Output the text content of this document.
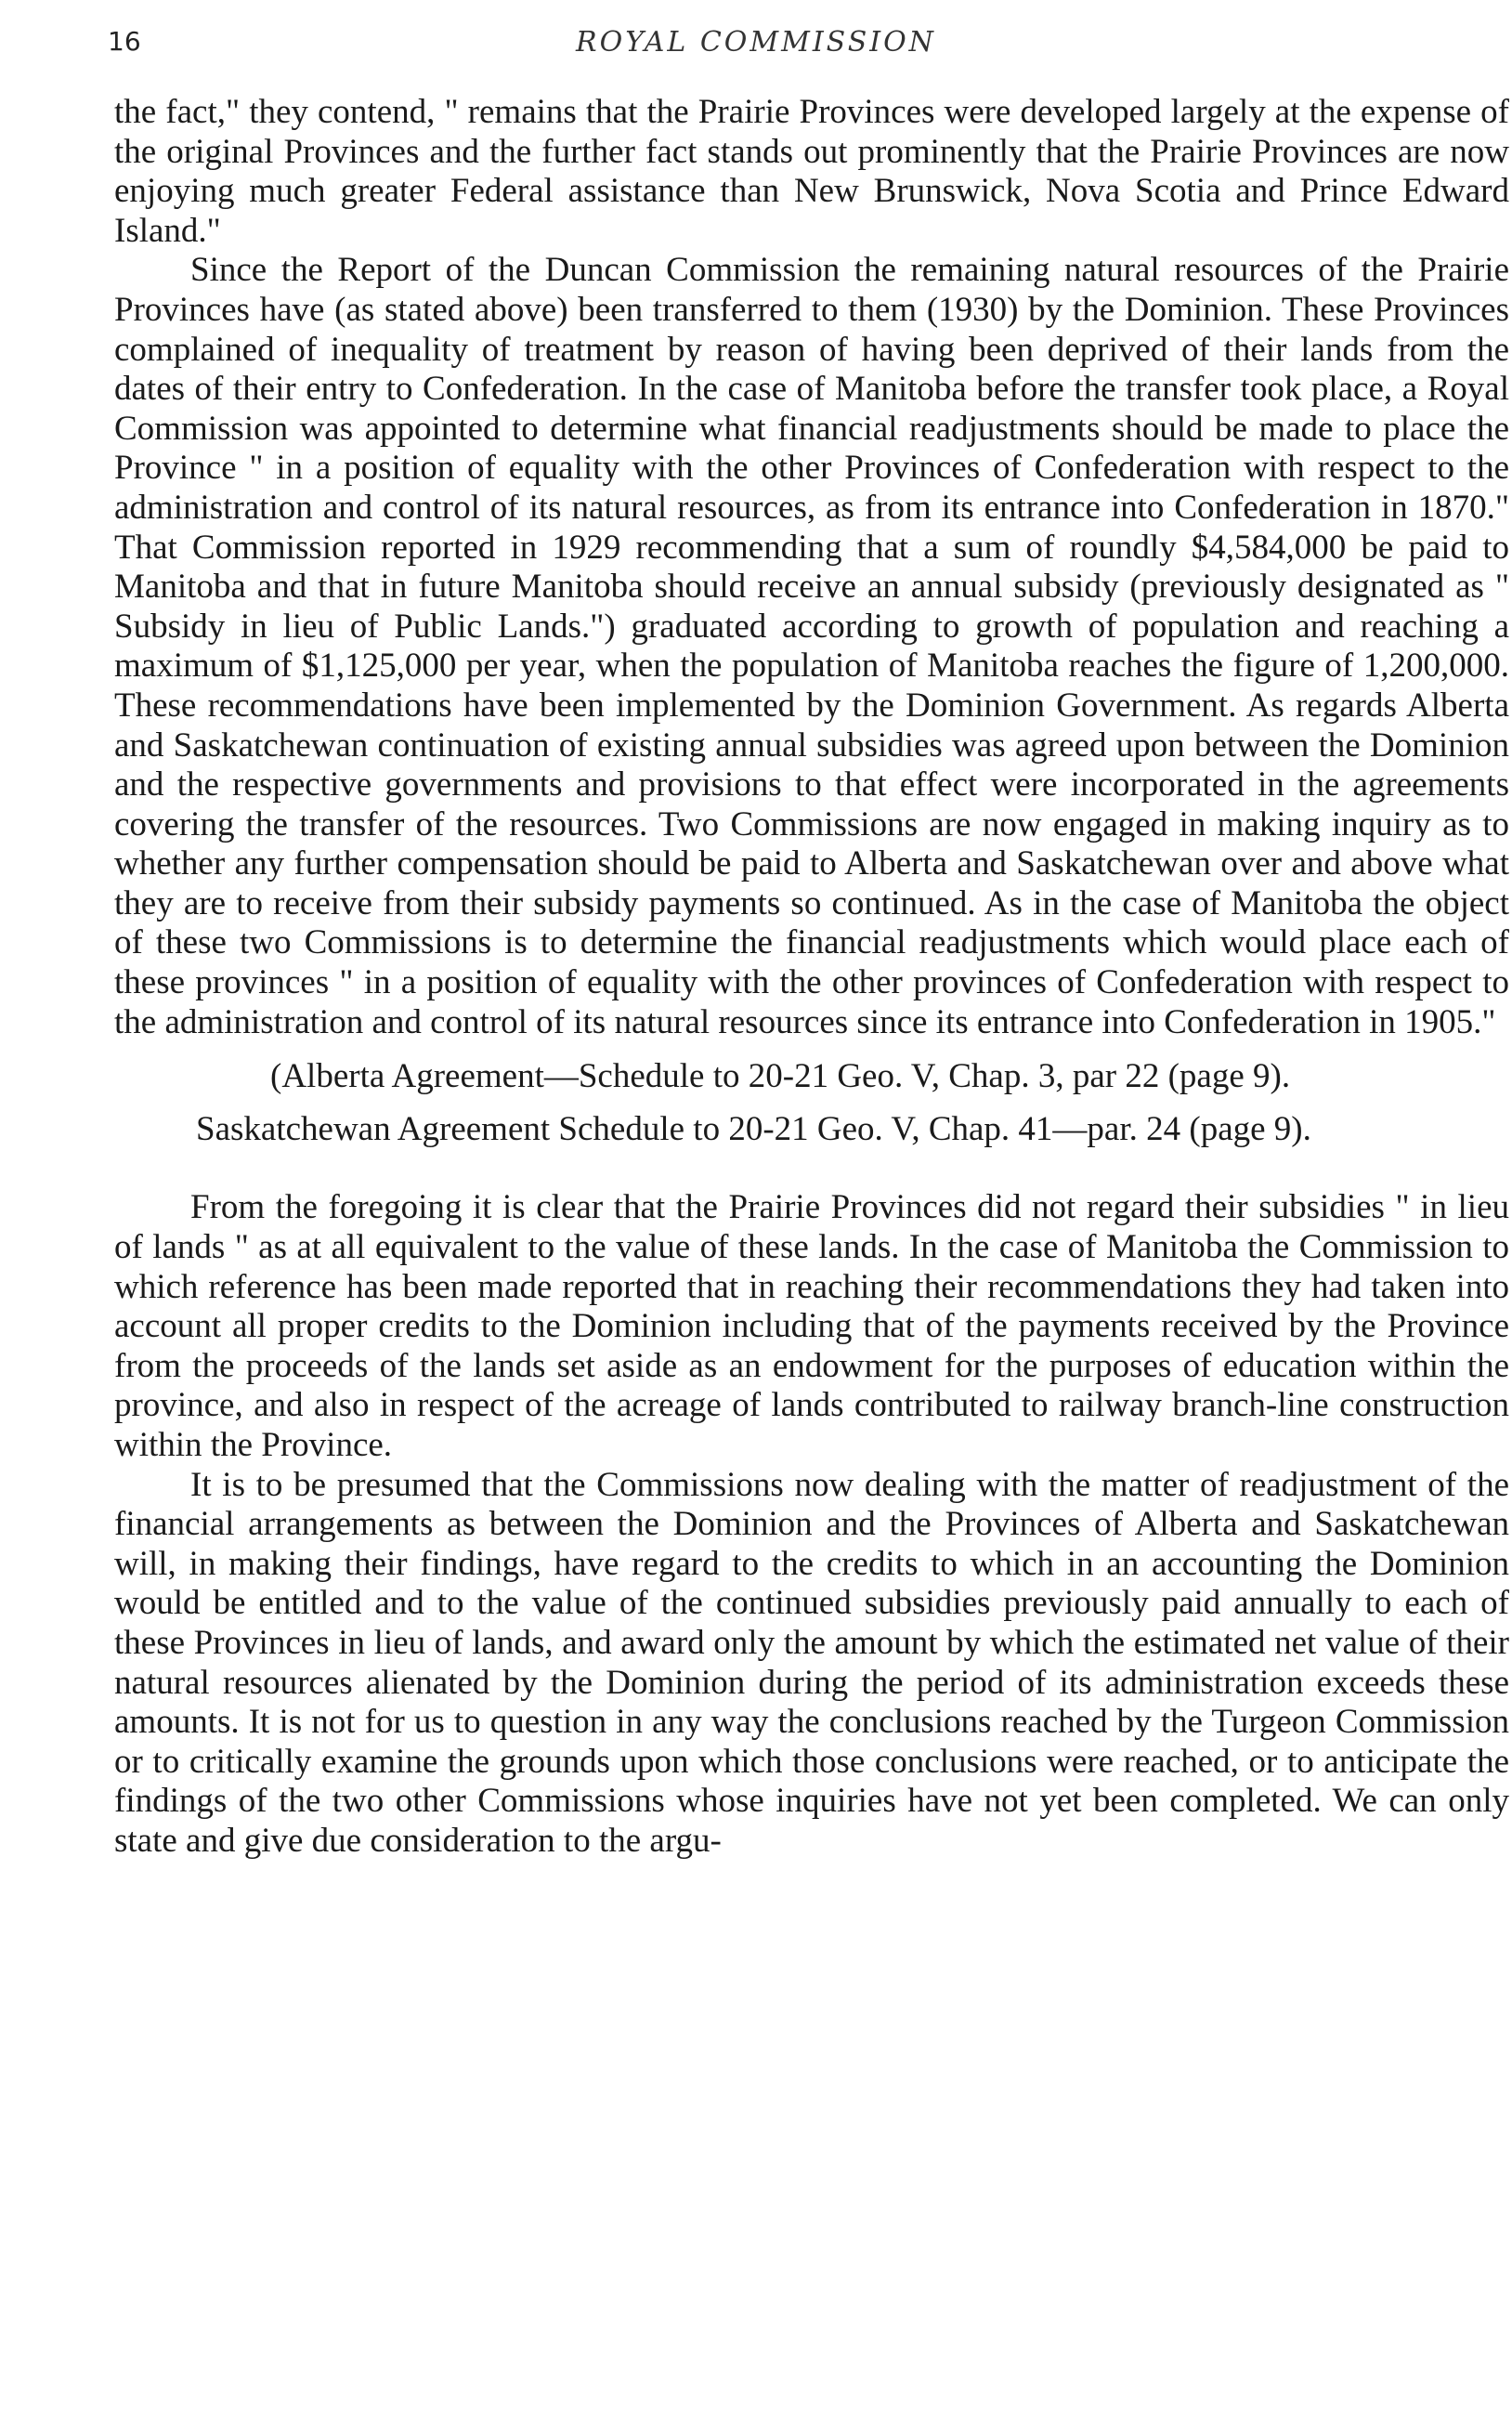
16	ROYAL COMMISSION

the fact," they contend, " remains that the Prairie Provinces were developed largely at the expense of the original Provinces and the further fact stands out prominently that the Prairie Provinces are now enjoying much greater Federal assistance than New Brunswick, Nova Scotia and Prince Edward Island."

Since the Report of the Duncan Commission the remaining natural resources of the Prairie Provinces have (as stated above) been transferred to them (1930) by the Dominion. These Provinces complained of inequality of treatment by reason of having been deprived of their lands from the dates of their entry to Confederation. In the case of Manitoba before the transfer took place, a Royal Commission was appointed to determine what financial readjustments should be made to place the Province " in a position of equality with the other Provinces of Confederation with respect to the administration and control of its natural resources, as from its entrance into Confederation in 1870." That Commission reported in 1929 recommending that a sum of roundly $4,584,000 be paid to Manitoba and that in future Manitoba should receive an annual subsidy (previously designated as " Subsidy in lieu of Public Lands.") graduated according to growth of population and reaching a maximum of $1,125,000 per year, when the population of Manitoba reaches the figure of 1,200,000. These recommendations have been implemented by the Dominion Government. As regards Alberta and Saskatchewan continuation of existing annual subsidies was agreed upon between the Dominion and the respective governments and provisions to that effect were incorporated in the agreements covering the transfer of the resources. Two Commissions are now engaged in making inquiry as to whether any further compensation should be paid to Alberta and Saskatchewan over and above what they are to receive from their subsidy payments so continued. As in the case of Manitoba the object of these two Commissions is to determine the financial readjustments which would place each of these provinces " in a position of equality with the other provinces of Confederation with respect to the administration and control of its natural resources since its entrance into Confederation in 1905."

(Alberta Agreement—Schedule to 20-21 Geo. V, Chap. 3, par 22 (page 9).

Saskatchewan Agreement Schedule to 20-21 Geo. V, Chap. 41—par. 24 (page 9).

From the foregoing it is clear that the Prairie Provinces did not regard their subsidies " in lieu of lands " as at all equivalent to the value of these lands. In the case of Manitoba the Commission to which reference has been made reported that in reaching their recommendations they had taken into account all proper credits to the Dominion including that of the payments received by the Province from the proceeds of the lands set aside as an endowment for the purposes of education within the province, and also in respect of the acreage of lands contributed to railway branch-line construction within the Province.

It is to be presumed that the Commissions now dealing with the matter of readjustment of the financial arrangements as between the Dominion and the Provinces of Alberta and Saskatchewan will, in making their findings, have regard to the credits to which in an accounting the Dominion would be entitled and to the value of the continued subsidies previously paid annually to each of these Provinces in lieu of lands, and award only the amount by which the estimated net value of their natural resources alienated by the Dominion during the period of its administration exceeds these amounts. It is not for us to question in any way the conclusions reached by the Turgeon Commission or to critically examine the grounds upon which those conclusions were reached, or to anticipate the findings of the two other Commissions whose inquiries have not yet been completed. We can only state and give due consideration to the argu-
